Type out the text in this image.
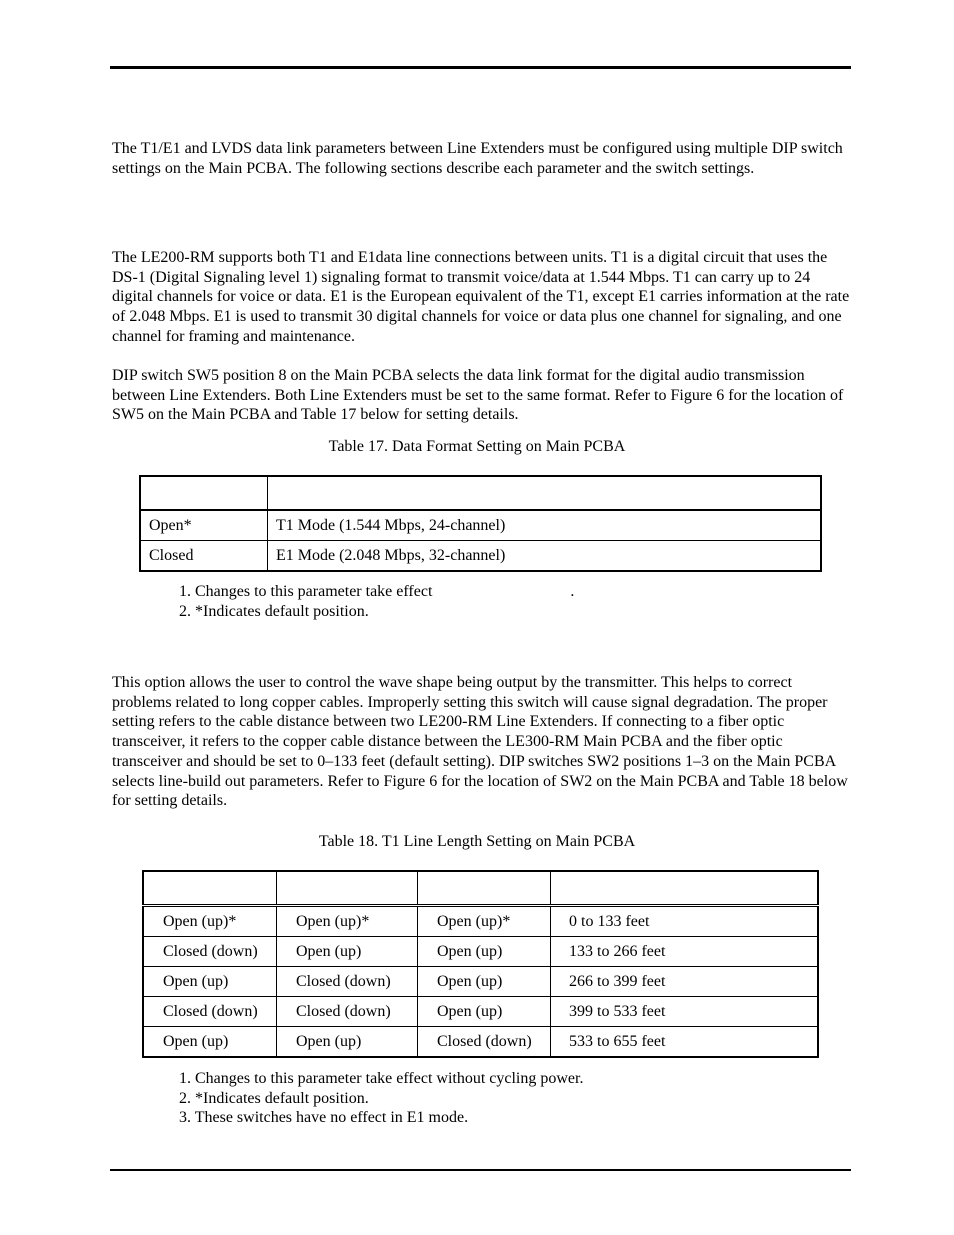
The T1/E1 and LVDS data link parameters between Line Extenders must be configured using multiple DIP switch settings on the Main PCBA. The following sections describe each parameter and the switch settings.

The LE200-RM supports both T1 and E1data line connections between units. T1 is a digital circuit that uses the DS-1 (Digital Signaling level 1) signaling format to transmit voice/data at 1.544 Mbps. T1 can carry up to 24 digital channels for voice or data. E1 is the European equivalent of the T1, except E1 carries information at the rate of 2.048 Mbps. E1 is used to transmit 30 digital channels for voice or data plus one channel for signaling, and one channel for framing and maintenance.

DIP switch SW5 position 8 on the Main PCBA selects the data link format for the digital audio transmission between Line Extenders. Both Line Extenders must be set to the same format. Refer to Figure 6 for the location of SW5 on the Main PCBA and Table 17 below for setting details.

Table 17. Data Format Setting on Main PCBA

Open*	T1 Mode (1.544 Mbps, 24-channel)
Closed	E1 Mode (2.048 Mbps, 32-channel)
1. Changes to this parameter take effect	.
2. *Indicates default position.

This option allows the user to control the wave shape being output by the transmitter. This helps to correct problems related to long copper cables. Improperly setting this switch will cause signal degradation. The proper setting refers to the cable distance between two LE200-RM Line Extenders. If connecting to a fiber optic transceiver, it refers to the copper cable distance between the LE300-RM Main PCBA and the fiber optic transceiver and should be set to 0–133 feet (default setting). DIP switches SW2 positions 1–3 on the Main PCBA selects line-build out parameters. Refer to Figure 6 for the location of SW2 on the Main PCBA and Table 18 below for setting details.

Table 18. T1 Line Length Setting on Main PCBA

Open (up)*	Open (up)*	Open (up)*	0 to 133 feet
Closed (down)	Open (up)	Open (up)	133 to 266 feet
Open (up)	Closed (down)	Open (up)	266 to 399 feet
Closed (down)	Closed (down)	Open (up)	399 to 533 feet
Open (up)	Open (up)	Closed (down)	533 to 655 feet
1. Changes to this parameter take effect without cycling power.
2. *Indicates default position.
3. These switches have no effect in E1 mode.
